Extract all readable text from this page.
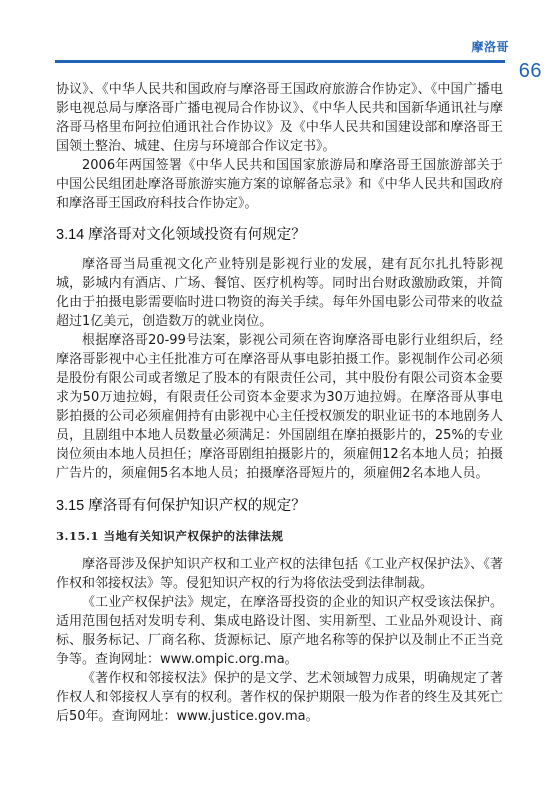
摩洛哥
66

协议》、《中华人民共和国政府与摩洛哥王国政府旅游合作协定》、《中国广播电影电视总局与摩洛哥广播电视局合作协议》、《中华人民共和国新华通讯社与摩洛哥马格里布阿拉伯通讯社合作协议》及《中华人民共和国建设部和摩洛哥王国领土整治、城建、住房与环境部合作议定书》。

2006年两国签署《中华人民共和国国家旅游局和摩洛哥王国旅游部关于中国公民组团赴摩洛哥旅游实施方案的谅解备忘录》和《中华人民共和国政府和摩洛哥王国政府科技合作协定》。

3.14 摩洛哥对文化领域投资有何规定？

摩洛哥当局重视文化产业特别是影视行业的发展，建有瓦尔扎扎特影视城，影城内有酒店、广场、餐馆、医疗机构等。同时出台财政激励政策，并简化由于拍摄电影需要临时进口物资的海关手续。每年外国电影公司带来的收益超过1亿美元，创造数万的就业岗位。

根据摩洛哥20-99号法案，影视公司须在咨询摩洛哥电影行业组织后，经摩洛哥影视中心主任批准方可在摩洛哥从事电影拍摄工作。影视制作公司必须是股份有限公司或者缴足了股本的有限责任公司，其中股份有限公司资本金要求为50万迪拉姆，有限责任公司资本金要求为30万迪拉姆。在摩洛哥从事电影拍摄的公司必须雇佣持有由影视中心主任授权颁发的职业证书的本地剧务人员，且剧组中本地人员数量必须满足：外国剧组在摩拍摄影片的，25%的专业岗位须由本地人员担任；摩洛哥剧组拍摄影片的，须雇佣12名本地人员；拍摄广告片的，须雇佣5名本地人员；拍摄摩洛哥短片的，须雇佣2名本地人员。

3.15 摩洛哥有何保护知识产权的规定？
3.15.1 当地有关知识产权保护的法律法规

摩洛哥涉及保护知识产权和工业产权的法律包括《工业产权保护法》、《著作权和邻接权法》等。侵犯知识产权的行为将依法受到法律制裁。

《工业产权保护法》规定，在摩洛哥投资的企业的知识产权受该法保护。适用范围包括对发明专利、集成电路设计图、实用新型、工业品外观设计、商标、服务标记、厂商名称、货源标记、原产地名称等的保护以及制止不正当竞争等。查询网址：www.ompic.org.ma。

《著作权和邻接权法》保护的是文学、艺术领域智力成果，明确规定了著作权人和邻接权人享有的权利。著作权的保护期限一般为作者的终生及其死亡后50年。查询网址：www.justice.gov.ma。
